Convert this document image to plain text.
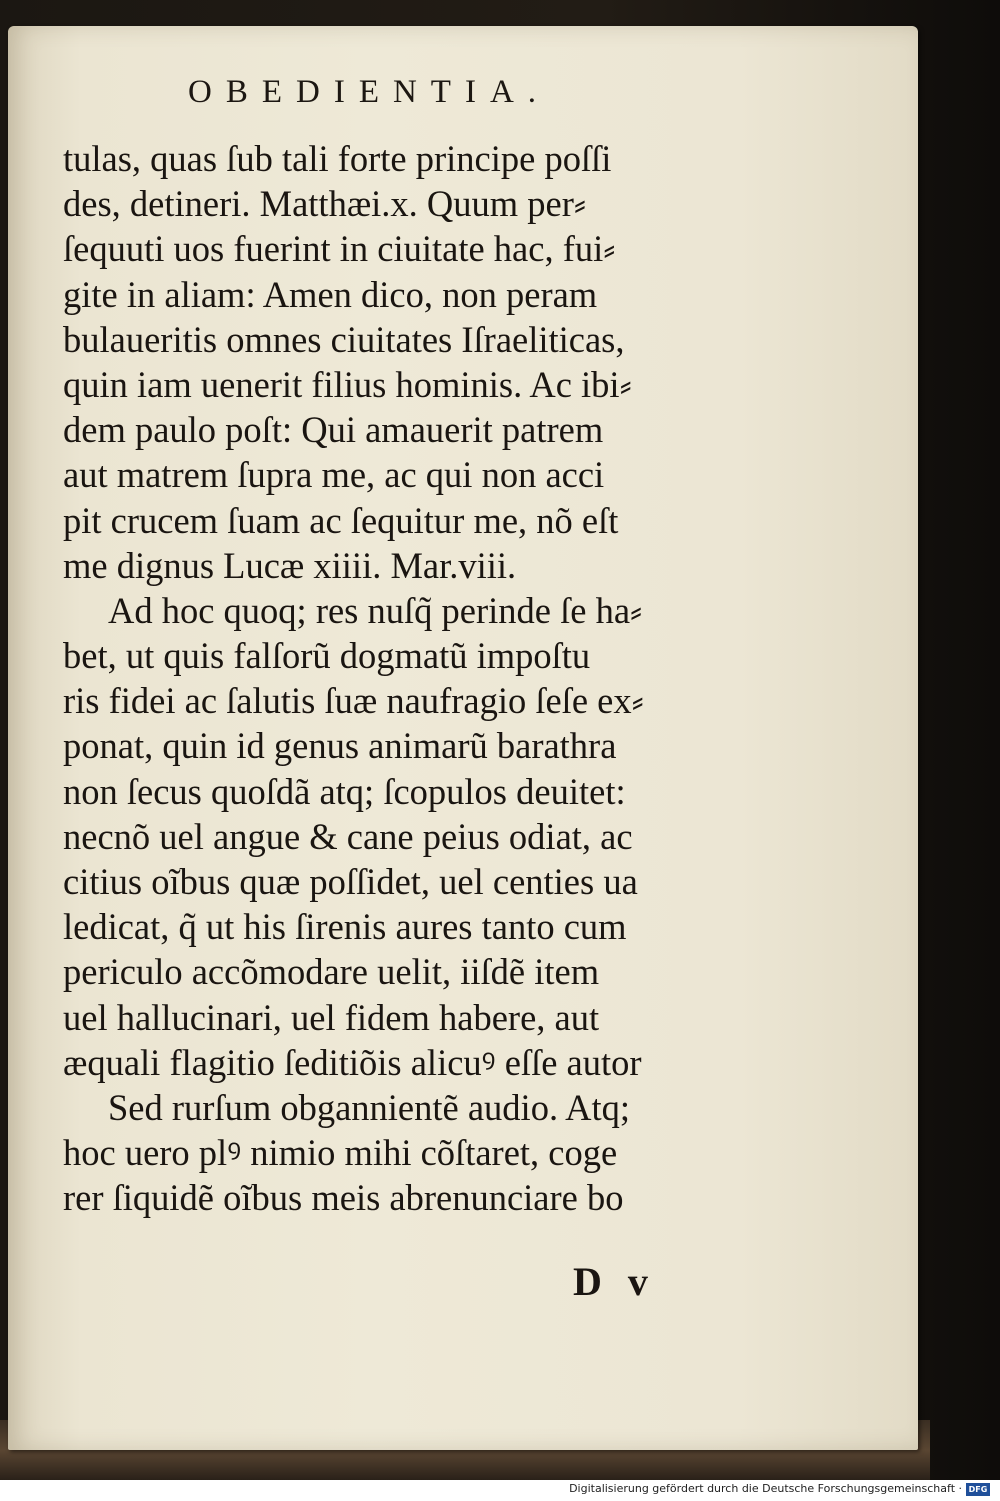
OBEDIENTIA.
tulas, quas ſub tali forte principe poſſi
des, detineri. Matthæi.x. Quum per⸗
ſequuti uos fuerint in ciuitate hac, fui⸗
gite in aliam: Amen dico, non peram
bulaueritis omnes ciuitates Iſraeliticas,
quin iam uenerit filius hominis. Ac ibi⸗
dem paulo poſt: Qui amauerit patrem
aut matrem ſupra me, ac qui non acci
pit crucem ſuam ac ſequitur me, nõ eſt
me dignus Lucæ xiiii. Mar.viii.
Ad hoc quoq; res nuſq̃ perinde ſe ha⸗
bet, ut quis falſorũ dogmatũ impoſtu
ris fidei ac ſalutis ſuæ naufragio ſeſe ex⸗
ponat, quin id genus animarũ barathra
non ſecus quoſdã atq; ſcopulos deuitet:
necnõ uel angue & cane peius odiat, ac
citius oĩbus quæ poſſidet, uel centies ua
ledicat, q̃ ut his ſirenis aures tanto cum
periculo accõmodare uelit, iiſdẽ item
uel hallucinari, uel fidem habere, aut
æquali flagitio ſeditiõis alicuꝰ eſſe autor
Sed rurſum obgannientẽ audio. Atq;
hoc uero plꝰ nimio mihi cõſtaret, coge
rer ſiquidẽ oĩbus meis abrenunciare bo
D v
Digitalisierung gefördert durch die Deutsche Forschungsgemeinschaft · DFG
